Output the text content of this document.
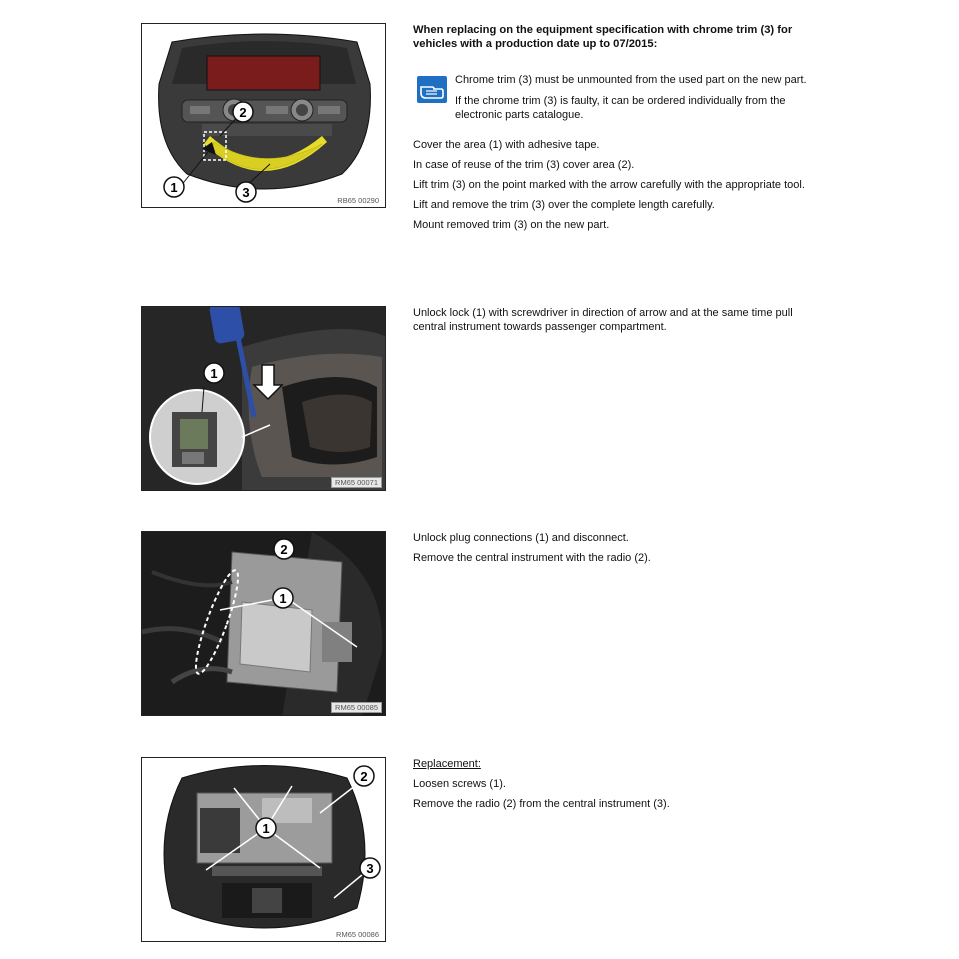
1
2
3
RB65 00290
When replacing on the equipment specification with chrome trim (3) for vehicles with a production date up to 07/2015:

Chrome trim (3) must be unmounted from the used part on the new part.

If the chrome trim (3) is faulty, it can be ordered individually from the electronic parts catalogue.

Cover the area (1) with adhesive tape.

In case of reuse of the trim (3) cover area (2).

Lift trim (3) on the point marked with the arrow carefully with the appropriate tool.

Lift and remove the trim (3) over the complete length carefully.

Mount removed trim (3) on the new part.

1
RM65 00071

Unlock lock (1) with screwdriver in direction of arrow and at the same time pull central instrument towards passenger compartment.

2
1
RM65 00085

Unlock plug connections (1) and disconnect.

Remove the central instrument with the radio (2).

2
1
3
RM65 00086

Replacement:

Loosen screws (1).

Remove the radio (2) from the central instrument (3).
